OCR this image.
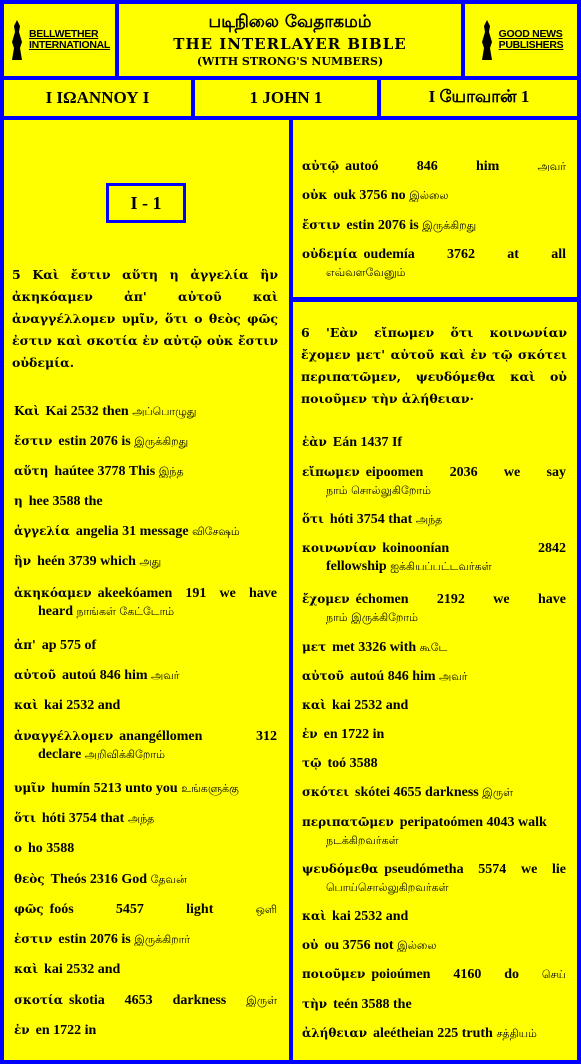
BELLWETHER
INTERNATIONAL
படிநிலை வேதாகமம்
THE INTERLAYER BIBLE
(WITH STRONG'S NUMBERS)
GOOD NEWS
PUBLISHERS
Ι ΙΩΑΝΝΟΥ Ι	1 JOHN 1	I யோவான் 1
I - 1
5 Καὶ ἔστιν αὕτη η ἀγγελία ἣν ἀκηκόαμεν ἀπ' αὐτοῦ καὶ ἀναγγέλλομεν υμῖν, ὅτι ο θεὸς φῶς ἐστιν καὶ σκοτία ἐν αὐτῷ οὐκ ἔστιν οὐδεμία.
6 'Εὰν εἴπωμεν ὅτι κοινωνίαν ἔχομεν μετ' αὐτοῦ καὶ ἐν τῷ σκότει περιπατῶμεν, ψευδόμεθα καὶ οὐ ποιοῦμεν τὴν ἀλήθειαν·
Καὶ Kai 2532 then அப்பொழுது
ἔστιν estin 2076 is இருக்கிறது
αὕτη haútee 3778 This இந்த
η hee 3588 the
ἀγγελία angelia 31 message விசேஷம்
ἣν heén 3739 which அது
ἀκηκόαμεν akeekóamen 191 we have
heard நாங்கள் கேட்டோம்
ἀπ' ap 575 of
αὐτοῦ autoú 846 him அவர்
καὶ kai 2532 and
ἀναγγέλλομεν anangéllomen 312
declare அறிவிக்கிறோம்
υμῖν humín 5213 unto you உங்களுக்கு
ὅτι hóti 3754 that அந்த
ο ho 3588
θεὸς Theós 2316 God தேவன்
φῶς foós 5457 light	ஒளி
ἐστιν estin 2076 is இருக்கிறார்
καὶ kai 2532 and
σκοτία skotia 4653 darkness இருள்
ἐν en 1722 in
αὐτῷ autoó 846 him	அவர்
οὐκ ouk 3756 no இல்லை
ἔστιν estin 2076 is இருக்கிறது
οὐδεμία oudemía 3762 at all
எவ்வளவேனும்
ἐὰν Eán 1437 If
εἴπωμεν eipoomen 2036 we say
நாம் சொல்லுகிறோம்
ὅτι hóti 3754 that அந்த
κοινωνίαν koinoonían 2842
fellowship ஐக்கியப்பட்டவர்கள்
ἔχομεν échomen 2192 we have
நாம் இருக்கிறோம்
μετ met 3326 with கூடே
αὐτοῦ autoú 846 him அவர்
καὶ kai 2532 and
ἐν en 1722 in
τῷ toó 3588
σκότει skótei 4655 darkness இருள்
περιπατῶμεν peripatoómen 4043 walk
நடக்கிறவர்கள்
ψευδόμεθα pseudómetha 5574 we lie
பொய்சொல்லுகிறவர்கள்
καὶ kai 2532 and
οὐ ou 3756 not இல்லை
ποιοῦμεν poioúmen 4160 do செய்
τὴν teén 3588 the
ἀλήθειαν aleétheian 225 truth சத்தியம்
